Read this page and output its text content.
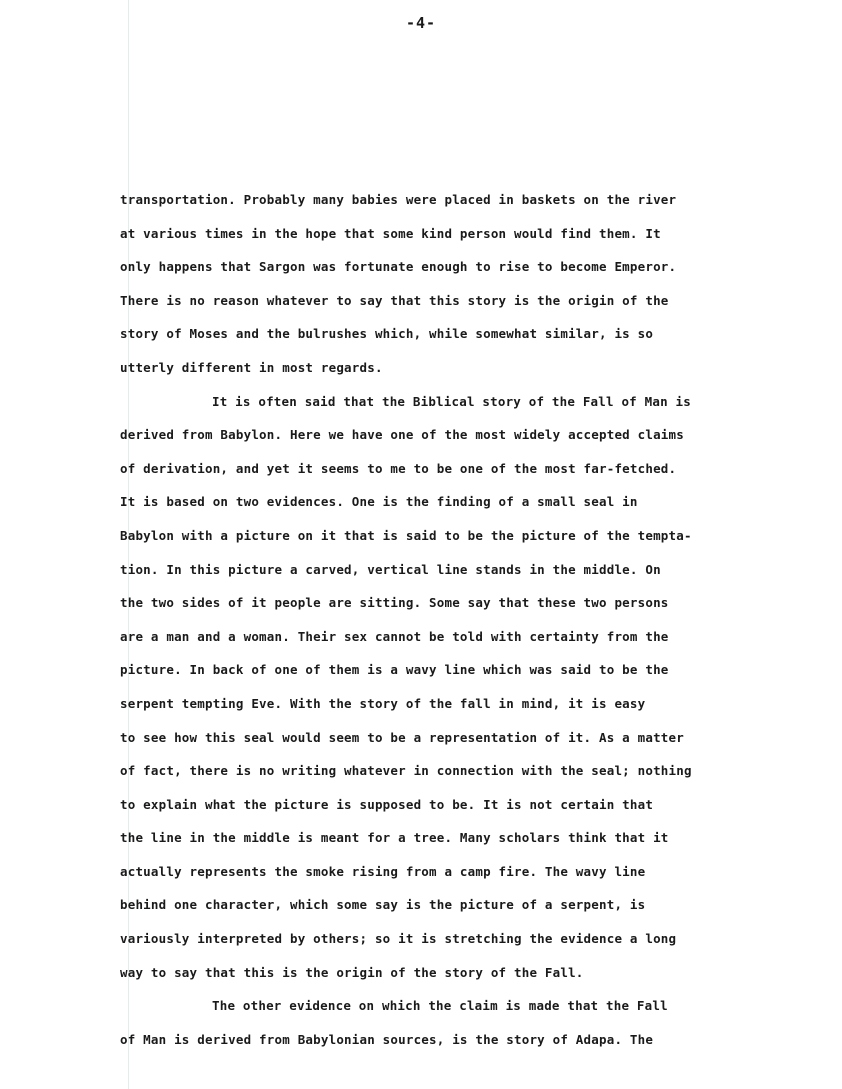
-4-
transportation. Probably many babies were placed in baskets on the river
at various times in the hope that some kind person would find them. It
only happens that Sargon was fortunate enough to rise to become Emperor.
There is no reason whatever to say that this story is the origin of the
story of Moses and the bulrushes which, while somewhat similar, is so
utterly different in most regards.
It is often said that the Biblical story of the Fall of Man is
derived from Babylon. Here we have one of the most widely accepted claims
of derivation, and yet it seems to me to be one of the most far-fetched.
It is based on two evidences. One is the finding of a small seal in
Babylon with a picture on it that is said to be the picture of the tempta-
tion. In this picture a carved, vertical line stands in the middle. On
the two sides of it people are sitting. Some say that these two persons
are a man and a woman. Their sex cannot be told with certainty from the
picture. In back of one of them is a wavy line which was said to be the
serpent tempting Eve. With the story of the fall in mind, it is easy
to see how this seal would seem to be a representation of it. As a matter
of fact, there is no writing whatever in connection with the seal; nothing
to explain what the picture is supposed to be. It is not certain that
the line in the middle is meant for a tree. Many scholars think that it
actually represents the smoke rising from a camp fire. The wavy line
behind one character, which some say is the picture of a serpent, is
variously interpreted by others; so it is stretching the evidence a long
way to say that this is the origin of the story of the Fall.
The other evidence on which the claim is made that the Fall
of Man is derived from Babylonian sources, is the story of Adapa. The
